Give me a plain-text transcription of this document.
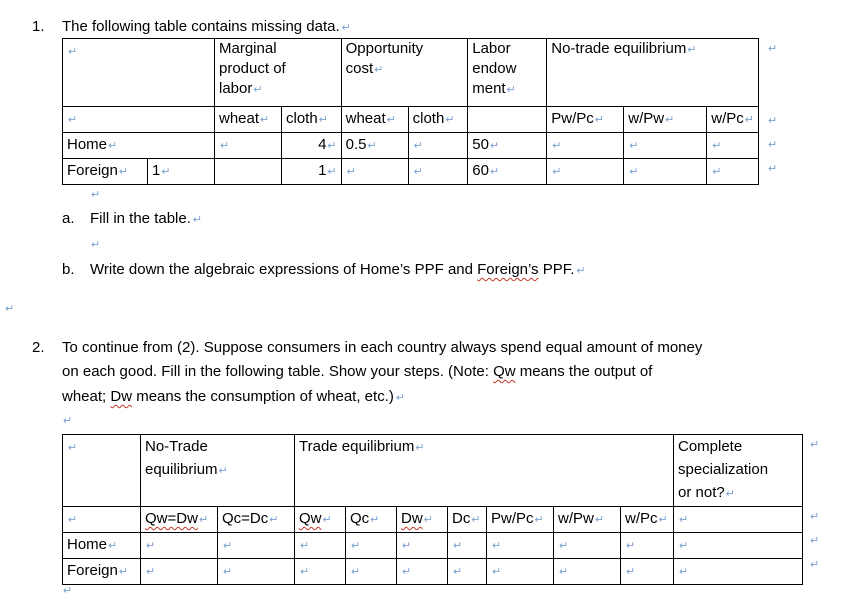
1. The following table contains missing data. ↵
↵		Marginal
product of
labor↵		Opportunity
cost↵		Labor
endow
ment↵	No-trade equilibrium↵		
↵		wheat↵	cloth↵	wheat↵	cloth↵		Pw/Pc↵	w/Pw↵	w/Pc↵
Home↵		↵	4↵	0.5↵	↵	50↵	↵	↵	↵
Foreign↵	1↵		1↵	↵	↵	60↵	↵	↵	↵
↵
↵
↵
↵
↵
a. Fill in the table. ↵
↵
b. Write down the algebraic expressions of Home’s PPF and Foreign’s PPF. ↵
↵
2. To continue from (2). Suppose consumers in each country always spend equal amount of money
on each good. Fill in the following table. Show your steps. (Note: Qw means the output of
wheat; Dw means the consumption of wheat, etc.) ↵
↵
↵	No-Trade
equilibrium↵		Trade equilibrium↵							Complete
specialization
or not?↵
↵	Qw=Dw↵	Qc=Dc↵	Qw↵	Qc↵	Dw↵	Dc↵	Pw/Pc↵	w/Pw↵	w/Pc↵	↵
Home↵	↵	↵	↵	↵	↵	↵	↵	↵	↵	↵
Foreign↵	↵	↵	↵	↵	↵	↵	↵	↵	↵	↵
↵
↵
↵
↵
↵
